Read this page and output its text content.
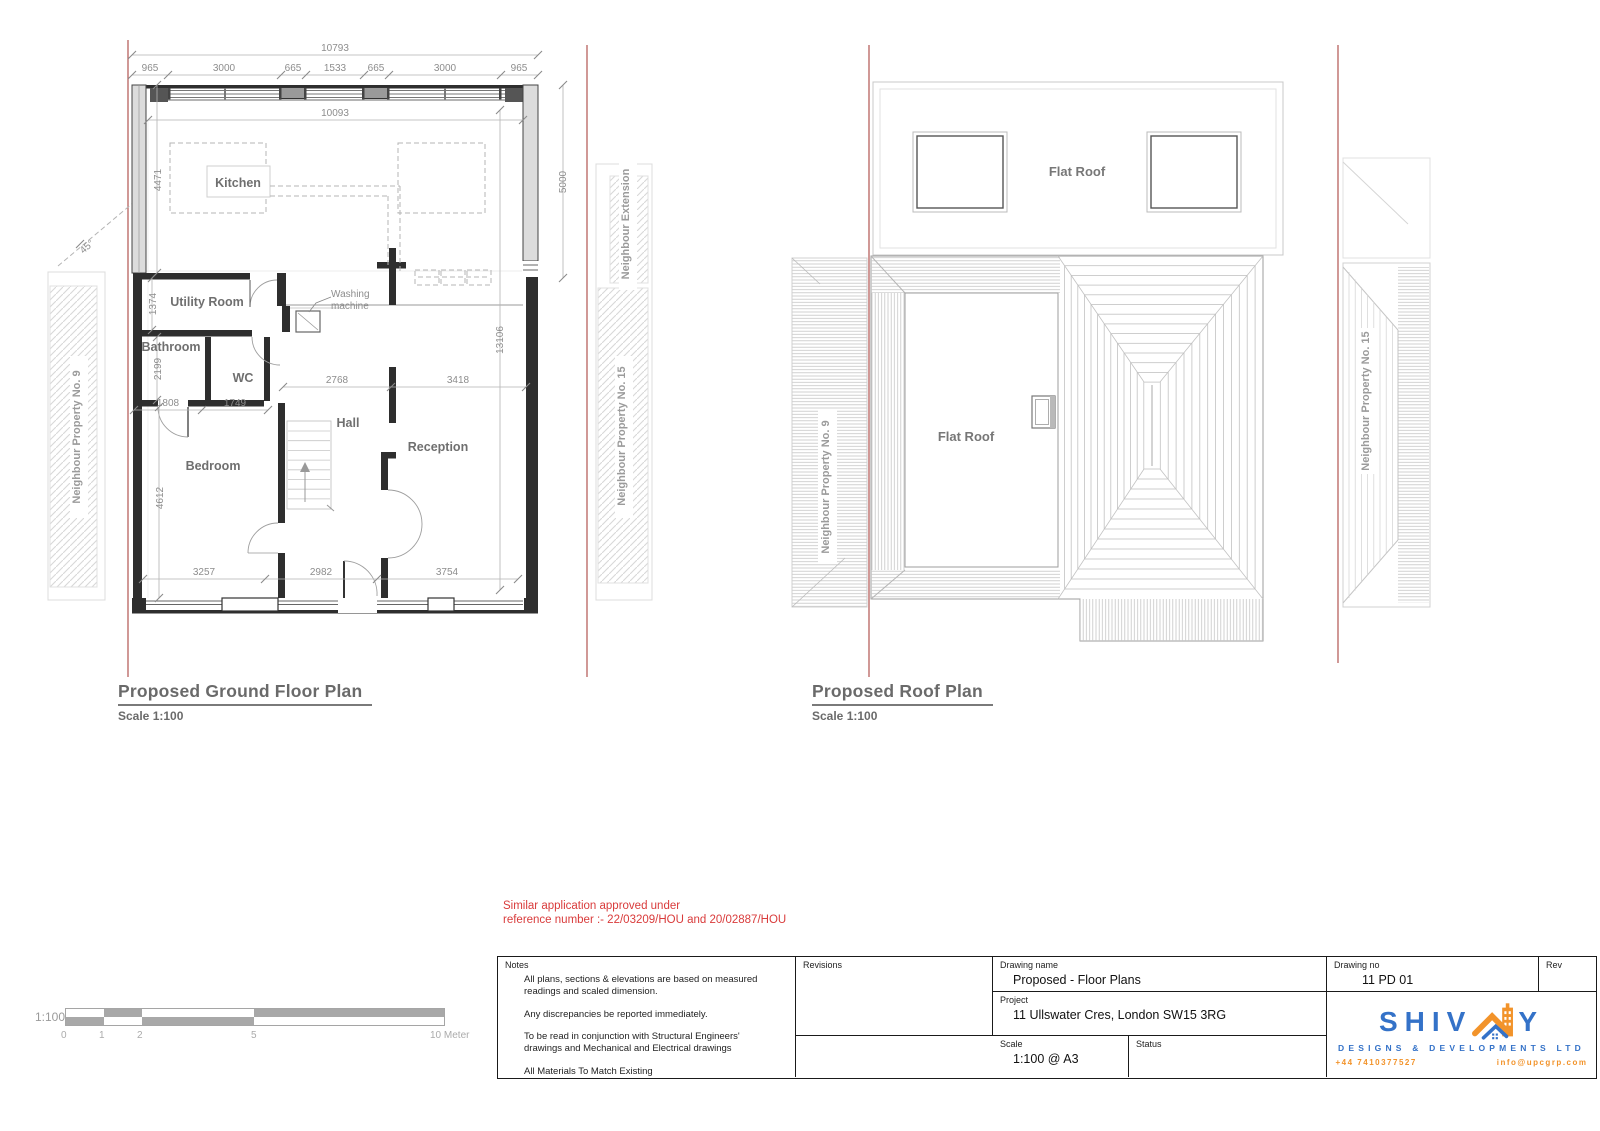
10793
965	3000	665 1533 665	3000	965
10093
5000
13106
4471
1374
2199
4612
1808	1749
2768	3418
3257	2982	3754
45°
Kitchen
Utility Room
Bathroom
WC
Hall
Bedroom
Reception
Neighbour Property No. 9
Neighbour Extension
Neighbour Property No. 15
Washing
machine
Flat Roof
Flat Roof
Neighbour Property No. 9
Neighbour Property No. 15
Proposed Ground Floor Plan
Scale 1:100
Proposed Roof Plan
Scale 1:100
Similar application approved under
reference number :- 22/03209/HOU and 20/02887/HOU
Notes
All plans, sections & elevations are based on measured readings and scaled dimension.
Any discrepancies be reported immediately.
To be read in conjunction with Structural Engineers' drawings and Mechanical and Electrical drawings
All Materials To Match Existing
Revisions	Drawing name
Proposed - Floor Plans
Drawing no
11 PD 01
Rev
Project
11 Ullswater Cres, London SW15 3RG
Scale
1:100 @ A3
Status
SHIV Y
DESIGNS & DEVELOPMENTS LTD
+44 7410377527	info@upcgrp.com
1:100
0	1	2	5	10 Meter
